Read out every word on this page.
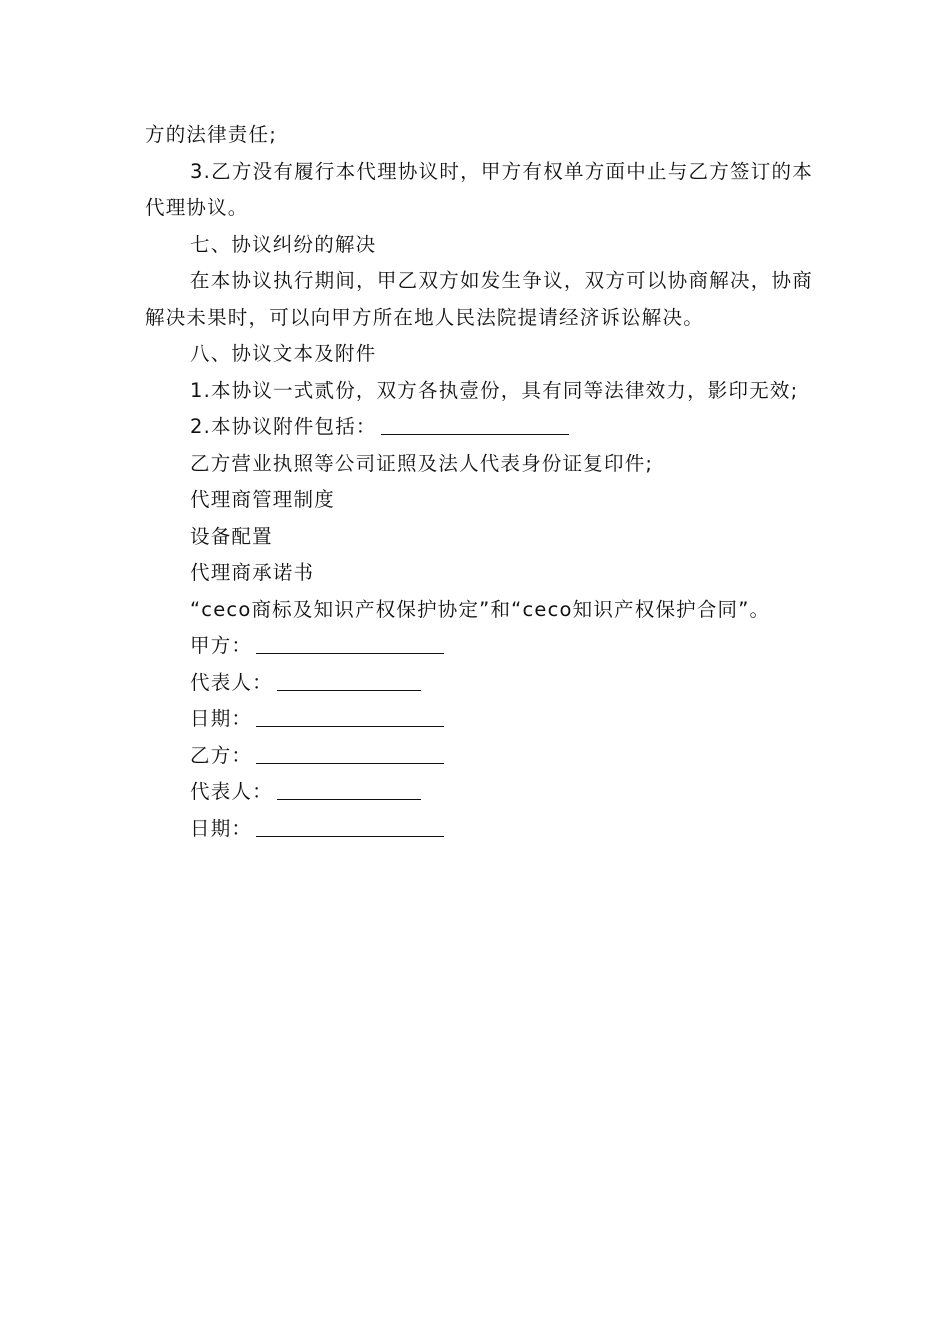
方的法律责任;

3.乙方没有履行本代理协议时，甲方有权单方面中止与乙方签订的本代理协议。

七、协议纠纷的解决

在本协议执行期间，甲乙双方如发生争议，双方可以协商解决，协商解决未果时，可以向甲方所在地人民法院提请经济诉讼解决。

八、协议文本及附件

1.本协议一式贰份，双方各执壹份，具有同等法律效力，影印无效;

2.本协议附件包括：

乙方营业执照等公司证照及法人代表身份证复印件;

代理商管理制度

设备配置

代理商承诺书

“ceco商标及知识产权保护协定”和“ceco知识产权保护合同”。

甲方：

代表人：

日期：

乙方：

代表人：

日期：
